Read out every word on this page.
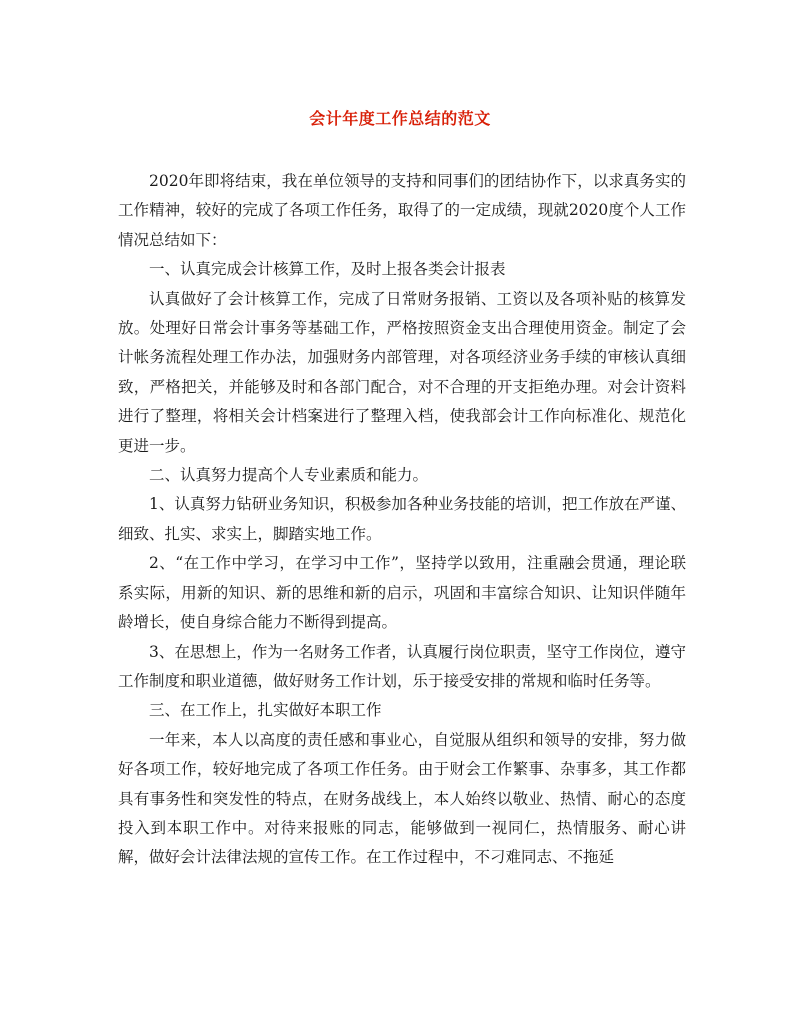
会计年度工作总结的范文

2020年即将结束，我在单位领导的支持和同事们的团结协作下，以求真务实的工作精神，较好的完成了各项工作任务，取得了的一定成绩，现就2020度个人工作情况总结如下：

一、认真完成会计核算工作，及时上报各类会计报表

认真做好了会计核算工作，完成了日常财务报销、工资以及各项补贴的核算发放。处理好日常会计事务等基础工作，严格按照资金支出合理使用资金。制定了会计帐务流程处理工作办法，加强财务内部管理，对各项经济业务手续的审核认真细致，严格把关，并能够及时和各部门配合，对不合理的开支拒绝办理。对会计资料进行了整理，将相关会计档案进行了整理入档，使我部会计工作向标准化、规范化更进一步。

二、认真努力提高个人专业素质和能力。

1、认真努力钻研业务知识，积极参加各种业务技能的培训，把工作放在严谨、细致、扎实、求实上，脚踏实地工作。

2、“在工作中学习，在学习中工作”，坚持学以致用，注重融会贯通，理论联系实际，用新的知识、新的思维和新的启示，巩固和丰富综合知识、让知识伴随年龄增长，使自身综合能力不断得到提高。

3、在思想上，作为一名财务工作者，认真履行岗位职责，坚守工作岗位，遵守工作制度和职业道德，做好财务工作计划，乐于接受安排的常规和临时任务等。

三、在工作上，扎实做好本职工作

一年来，本人以高度的责任感和事业心，自觉服从组织和领导的安排，努力做好各项工作，较好地完成了各项工作任务。由于财会工作繁事、杂事多，其工作都具有事务性和突发性的特点，在财务战线上，本人始终以敬业、热情、耐心的态度投入到本职工作中。对待来报账的同志，能够做到一视同仁，热情服务、耐心讲解，做好会计法律法规的宣传工作。在工作过程中，不刁难同志、不拖延
